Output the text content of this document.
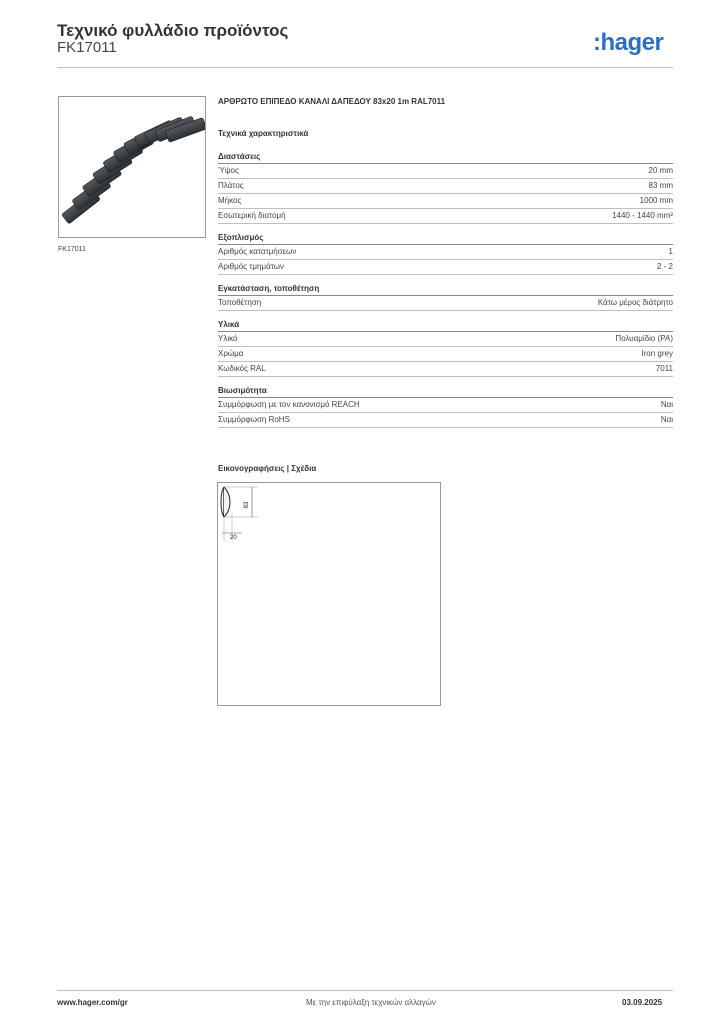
Τεχνικό φυλλάδιο προϊόντος
FK17011	:hager
FK17011
ΑΡΘΡΩΤΟ ΕΠΙΠΕΔΟ ΚΑΝΑΛΙ ΔΑΠΕΔΟΥ 83x20 1m RAL7011
Τεχνικά χαρακτηριστικά
Διαστάσεις
Ύψος	20 mm
Πλάτος	83 mm
Μήκος	1000 mm
Εσωτερική διατομή	1440 - 1440 mm²
Εξοπλισμός
Αριθμός κατατμήσεων	1
Αριθμός τμημάτων	2 - 2
Εγκατάσταση, τοποθέτηση
Τοποθέτηση	Κάτω μέρος διάτρητο
Υλικά
Υλικό	Πολυαμίδιο (PA)
Χρώμα	Iron grey
Κωδικός RAL	7011
Βιωσιμότητα
Συμμόρφωση με τον κανονισμό REACH	Ναι
Συμμόρφωση RoHS	Ναι
Εικονογραφήσεις | Σχέδια
83
20
www.hager.com/gr	Με την επιφύλαξη τεχνικών αλλαγών	03.09.2025
